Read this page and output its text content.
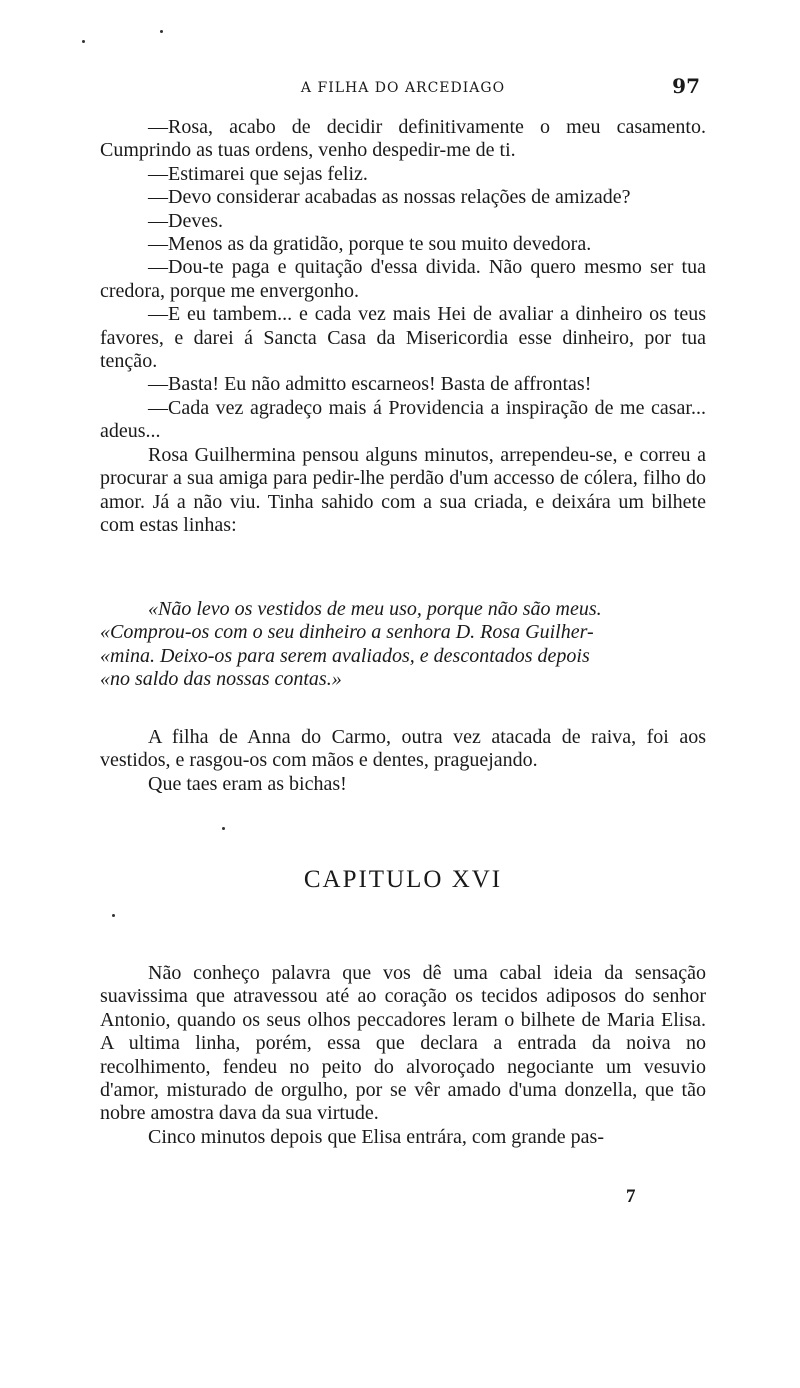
A FILHA DO ARCEDIAGO	97

—Rosa, acabo de decidir definitivamente o meu casamento. Cumprindo as tuas ordens, venho despedir-me de ti.

—Estimarei que sejas feliz.

—Devo considerar acabadas as nossas relações de amizade?

—Deves.

—Menos as da gratidão, porque te sou muito devedora.

—Dou-te paga e quitação d'essa divida. Não quero mesmo ser tua credora, porque me envergonho.

—E eu tambem... e cada vez mais Hei de avaliar a dinheiro os teus favores, e darei á Sancta Casa da Misericordia esse dinheiro, por tua tenção.

—Basta! Eu não admitto escarneos! Basta de affrontas!

—Cada vez agradeço mais á Providencia a inspiração de me casar... adeus...

Rosa Guilhermina pensou alguns minutos, arrependeu-se, e correu a procurar a sua amiga para pedir-lhe perdão d'um accesso de cólera, filho do amor. Já a não viu. Tinha sahido com a sua criada, e deixára um bilhete com estas linhas:

«Não levo os vestidos de meu uso, porque não são meus.

«Comprou-os com o seu dinheiro a senhora D. Rosa Guilher-

«mina. Deixo-os para serem avaliados, e descontados depois

«no saldo das nossas contas.»

A filha de Anna do Carmo, outra vez atacada de raiva, foi aos vestidos, e rasgou-os com mãos e dentes, praguejando.

Que taes eram as bichas!

CAPITULO XVI

Não conheço palavra que vos dê uma cabal ideia da sensação suavissima que atravessou até ao coração os tecidos adiposos do senhor Antonio, quando os seus olhos peccadores leram o bilhete de Maria Elisa. A ultima linha, porém, essa que declara a entrada da noiva no recolhimento, fendeu no peito do alvoroçado negociante um vesuvio d'amor, misturado de orgulho, por se vêr amado d'uma donzella, que tão nobre amostra dava da sua virtude.

Cinco minutos depois que Elisa entrára, com grande pas-

7
